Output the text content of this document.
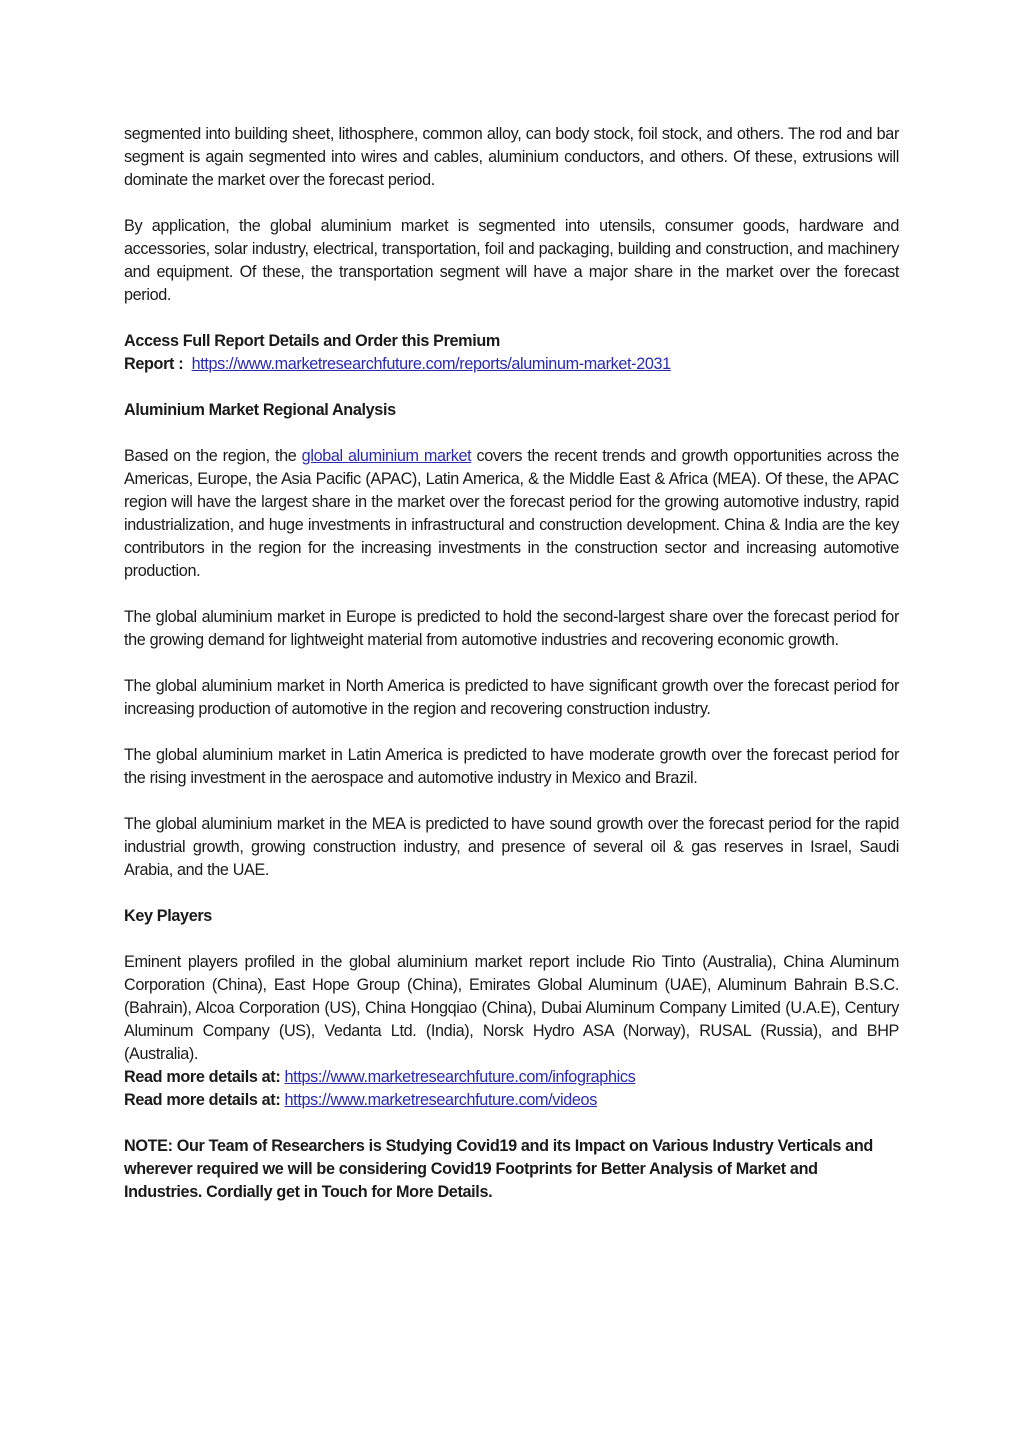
segmented into building sheet, lithosphere, common alloy, can body stock, foil stock, and others. The rod and bar segment is again segmented into wires and cables, aluminium conductors, and others. Of these, extrusions will dominate the market over the forecast period.

By application, the global aluminium market is segmented into utensils, consumer goods, hardware and accessories, solar industry, electrical, transportation, foil and packaging, building and construction, and machinery and equipment. Of these, the transportation segment will have a major share in the market over the forecast period.

Access Full Report Details and Order this Premium
Report :  https://www.marketresearchfuture.com/reports/aluminum-market-2031
Aluminium Market Regional Analysis

Based on the region, the global aluminium market covers the recent trends and growth opportunities across the Americas, Europe, the Asia Pacific (APAC), Latin America, & the Middle East & Africa (MEA). Of these, the APAC region will have the largest share in the market over the forecast period for the growing automotive industry, rapid industrialization, and huge investments in infrastructural and construction development. China & India are the key contributors in the region for the increasing investments in the construction sector and increasing automotive production.

The global aluminium market in Europe is predicted to hold the second-largest share over the forecast period for the growing demand for lightweight material from automotive industries and recovering economic growth.

The global aluminium market in North America is predicted to have significant growth over the forecast period for increasing production of automotive in the region and recovering construction industry.

The global aluminium market in Latin America is predicted to have moderate growth over the forecast period for the rising investment in the aerospace and automotive industry in Mexico and Brazil.

The global aluminium market in the MEA is predicted to have sound growth over the forecast period for the rapid industrial growth, growing construction industry, and presence of several oil & gas reserves in Israel, Saudi Arabia, and the UAE.

Key Players

Eminent players profiled in the global aluminium market report include Rio Tinto (Australia), China Aluminum Corporation (China), East Hope Group (China), Emirates Global Aluminum (UAE), Aluminum Bahrain B.S.C. (Bahrain), Alcoa Corporation (US), China Hongqiao (China), Dubai Aluminum Company Limited (U.A.E), Century Aluminum Company (US), Vedanta Ltd. (India), Norsk Hydro ASA (Norway), RUSAL (Russia), and BHP (Australia).

Read more details at: https://www.marketresearchfuture.com/infographics
Read more details at: https://www.marketresearchfuture.com/videos

NOTE: Our Team of Researchers is Studying Covid19 and its Impact on Various Industry Verticals and wherever required we will be considering Covid19 Footprints for Better Analysis of Market and Industries. Cordially get in Touch for More Details.
